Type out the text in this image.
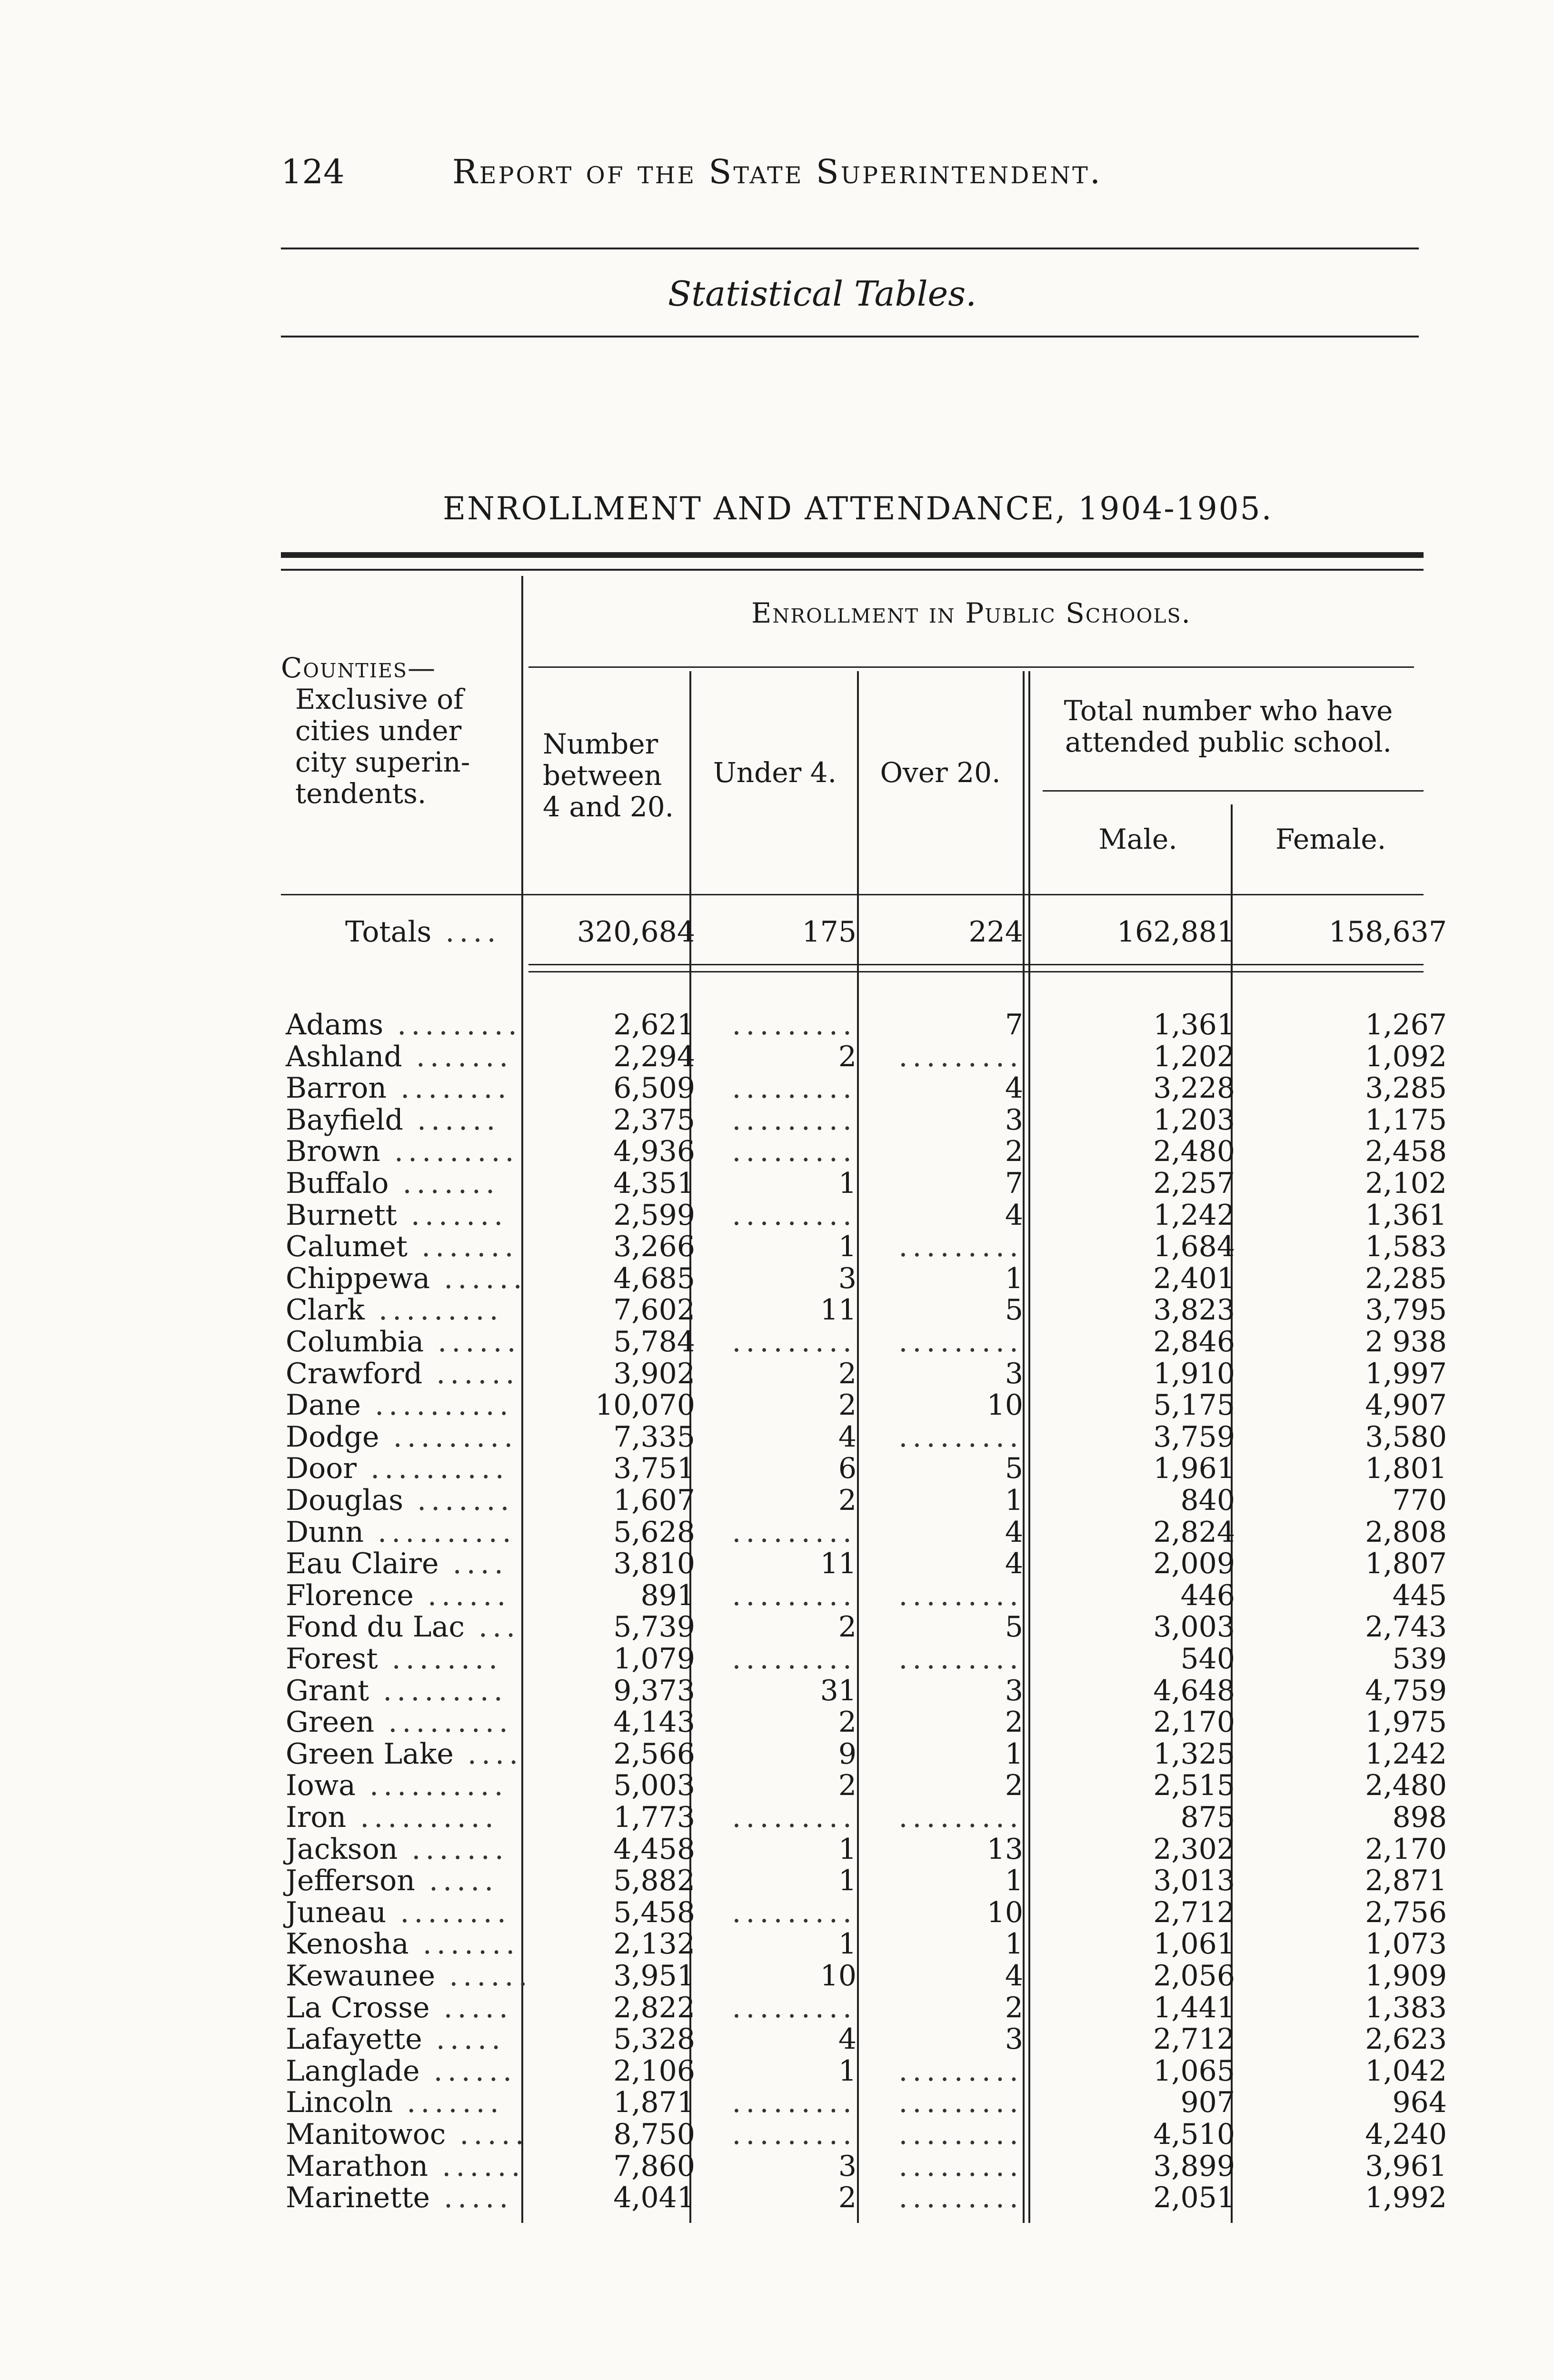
124	Report of the State Superintendent.
Statistical Tables.
ENROLLMENT AND ATTENDANCE, 1904-1905.
Counties—
Exclusive of
cities under
city superin-
tendents.
Enrollment in Public Schools.
Number
between
4 and 20.
Under 4.	Over 20.
Total number who have
attended public school.
Male.	Female.
Totals ....	320,684	175	224	162,881	158,637
Adams .........	2,621 .........	7	1,361	1,267
Ashland .......	2,294	2 .........	1,202	1,092
Barron ........	6,509 .........	4	3,228	3,285
Bayfield ......	2,375 .........	3	1,203	1,175
Brown .........	4,936 .........	2	2,480	2,458
Buffalo .......	4,351	1	7	2,257	2,102
Burnett .......	2,599 .........	4	1,242	1,361
Calumet .......	3,266	1 .........	1,684	1,583
Chippewa ......	4,685	3	1	2,401	2,285
Clark .........	7,602	11	5	3,823	3,795
Columbia ......	5,784 ......... .........	2,846	2 938
Crawford ......	3,902	2	3	1,910	1,997
Dane ..........	10,070	2	10	5,175	4,907
Dodge .........	7,335	4 .........	3,759	3,580
Door ..........	3,751	6	5	1,961	1,801
Douglas .......	1,607	2	1	840	770
Dunn ..........	5,628 .........	4	2,824	2,808
Eau Claire ....	3,810	11	4	2,009	1,807
Florence ......	891 ......... .........	446	445
Fond du Lac ...	5,739	2	5	3,003	2,743
Forest ........	1,079 ......... .........	540	539
Grant .........	9,373	31	3	4,648	4,759
Green .........	4,143	2	2	2,170	1,975
Green Lake ....	2,566	9	1	1,325	1,242
Iowa ..........	5,003	2	2	2,515	2,480
Iron ..........	1,773 ......... .........	875	898
Jackson .......	4,458	1	13	2,302	2,170
Jefferson .....	5,882	1	1	3,013	2,871
Juneau ........	5,458 .........	10	2,712	2,756
Kenosha .......	2,132	1	1	1,061	1,073
Kewaunee ......	3,951	10	4	2,056	1,909
La Crosse .....	2,822 .........	2	1,441	1,383
Lafayette .....	5,328	4	3	2,712	2,623
Langlade ......	2,106	1 .........	1,065	1,042
Lincoln .......	1,871 ......... .........	907	964
Manitowoc .....	8,750 ......... .........	4,510	4,240
Marathon ......	7,860	3 .........	3,899	3,961
Marinette .....	4,041	2 .........	2,051	1,992
